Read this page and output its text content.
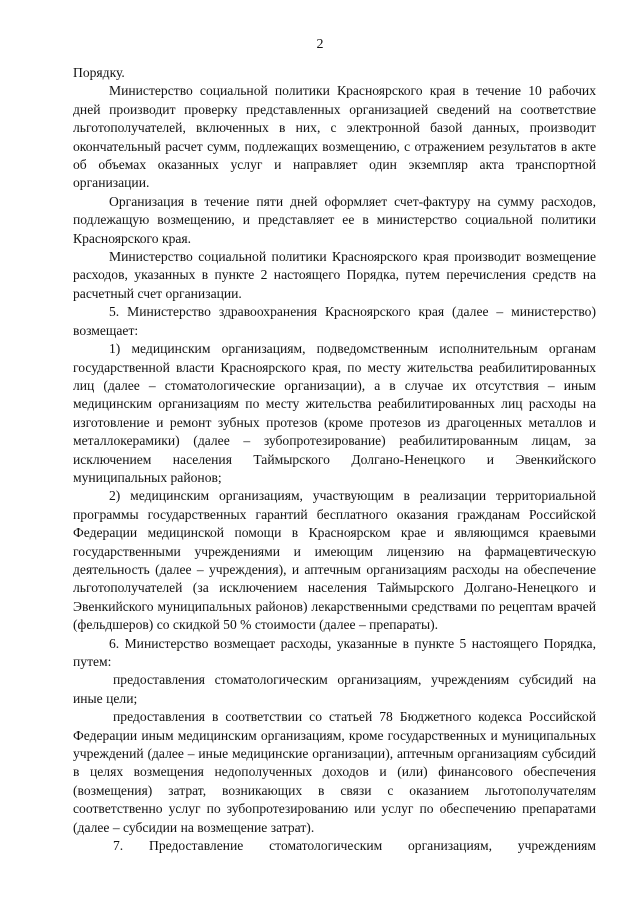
2

Порядку.

Министерство социальной политики Красноярского края в течение 10 рабочих дней производит проверку представленных организацией сведений на соответствие льготополучателей, включенных в них, с электронной базой данных, производит окончательный расчет сумм, подлежащих возмещению, с отражением результатов в акте об объемах оказанных услуг и направляет один экземпляр акта транспортной организации.

Организация в течение пяти дней оформляет счет-фактуру на сумму расходов, подлежащую возмещению, и представляет ее в министерство социальной политики Красноярского края.

Министерство социальной политики Красноярского края производит возмещение расходов, указанных в пункте 2 настоящего Порядка, путем перечисления средств на расчетный счет организации.

5. Министерство здравоохранения Красноярского края (далее – министерство) возмещает:

1) медицинским организациям, подведомственным исполнительным органам государственной власти Красноярского края, по месту жительства реабилитированных лиц (далее – стоматологические организации), а в случае их отсутствия – иным медицинским организациям по месту жительства реабилитированных лиц расходы на изготовление и ремонт зубных протезов (кроме протезов из драгоценных металлов и металлокерамики) (далее – зубопротезирование) реабилитированным лицам, за исключением населения Таймырского Долгано-Ненецкого и Эвенкийского муниципальных районов;

2) медицинским организациям, участвующим в реализации территориальной программы государственных гарантий бесплатного оказания гражданам Российской Федерации медицинской помощи в Красноярском крае и являющимся краевыми государственными учреждениями и имеющим лицензию на фармацевтическую деятельность (далее – учреждения), и аптечным организациям расходы на обеспечение льготополучателей (за исключением населения Таймырского Долгано-Ненецкого и Эвенкийского муниципальных районов) лекарственными средствами по рецептам врачей (фельдшеров) со скидкой 50 % стоимости (далее – препараты).

6. Министерство возмещает расходы, указанные в пункте 5 настоящего Порядка, путем:

предоставления стоматологическим организациям, учреждениям субсидий на иные цели;

предоставления в соответствии со статьей 78 Бюджетного кодекса Российской Федерации иным медицинским организациям, кроме государственных и муниципальных учреждений (далее – иные медицинские организации), аптечным организациям субсидий в целях возмещения недополученных доходов и (или) финансового обеспечения (возмещения) затрат, возникающих в связи с оказанием льготополучателям соответственно услуг по зубопротезированию или услуг по обеспечению препаратами (далее – субсидии на возмещение затрат).

7. Предоставление стоматологическим организациям, учреждениям
